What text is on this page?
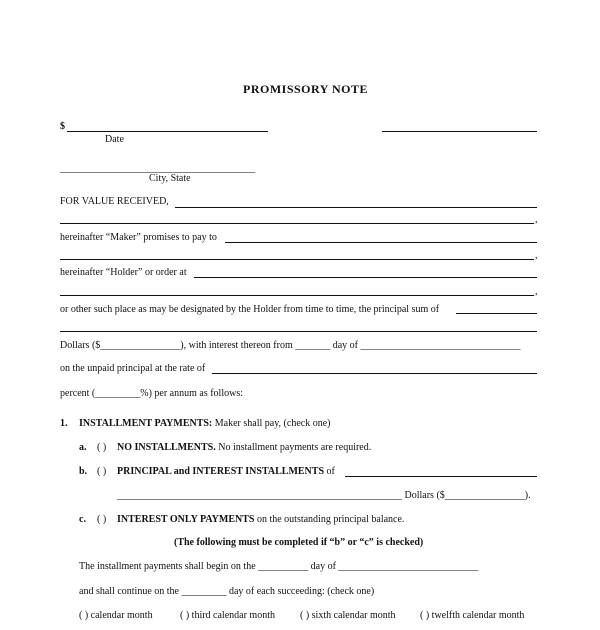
PROMISSORY NOTE
$
Date
_______________________________________
City, State
FOR VALUE RECEIVED,
,
hereinafter “Maker” promises to pay to
,
hereinafter “Holder” or order at
,
or other such place as may be designated by the Holder from time to time, the principal sum of
Dollars ($________________), with interest thereon from _______ day of ________________________________
on the unpaid principal at the rate of
percent (_________%) per annum as follows:
1. INSTALLMENT PAYMENTS: Maker shall pay, (check one)
a. ( ) NO INSTALLMENTS. No installment payments are required.
b. ( ) PRINCIPAL and INTEREST INSTALLMENTS of
_________________________________________________________ Dollars ($________________).
c. ( ) INTEREST ONLY PAYMENTS on the outstanding principal balance.
(The following must be completed if “b” or “c” is checked)
The installment payments shall begin on the __________ day of ____________________________
and shall continue on the _________ day of each succeeding: (check one)
( ) calendar month	( ) third calendar month	( ) sixth calendar month ( ) twelfth calendar month
